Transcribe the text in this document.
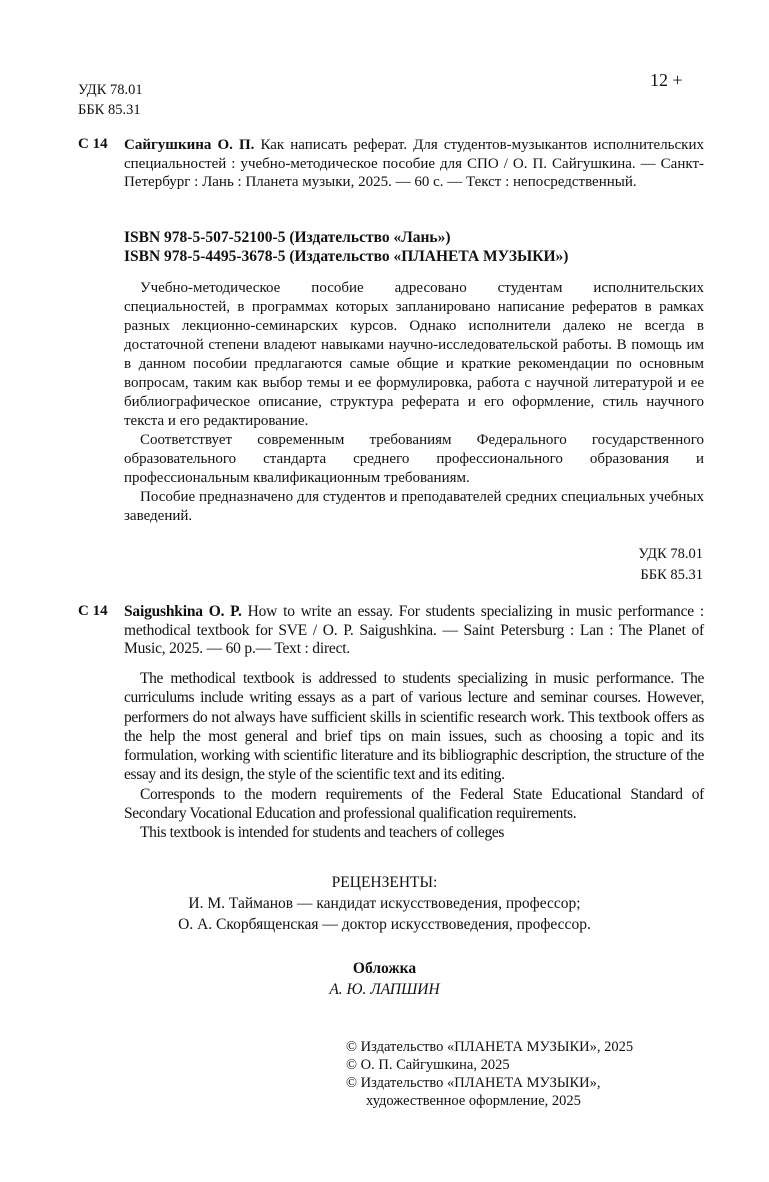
УДК 78.01
ББК 85.31
12 +
С 14 Сайгушкина О. П. Как написать реферат. Для студентов-музыкантов исполнительских специальностей : учебно-методическое пособие для СПО / О. П. Сайгушкина. — Санкт-Петербург : Лань : Планета музыки, 2025. — 60 с. — Текст : непосредственный.
ISBN 978-5-507-52100-5 (Издательство «Лань»)
ISBN 978-5-4495-3678-5 (Издательство «ПЛАНЕТА МУЗЫКИ»)

Учебно-методическое пособие адресовано студентам исполнительских специальностей, в программах которых запланировано написание рефератов в рамках разных лекционно-семинарских курсов. Однако исполнители далеко не всегда в достаточной степени владеют навыками научно-исследовательской работы. В помощь им в данном пособии предлагаются самые общие и краткие рекомендации по основным вопросам, таким как выбор темы и ее формулировка, работа с научной литературой и ее библиографическое описание, структура реферата и его оформление, стиль научного текста и его редактирование.

Соответствует современным требованиям Федерального государственного образовательного стандарта среднего профессионального образования и профессиональным квалификационным требованиям.

Пособие предназначено для студентов и преподавателей средних специальных учебных заведений.

УДК 78.01
ББК 85.31
С 14 Saigushkina O. P. How to write an essay. For students specializing in music performance : methodical textbook for SVE / O. P. Saigushkina. — Saint Petersburg : Lan : The Planet of Music, 2025. — 60 p.— Text : direct.

The methodical textbook is addressed to students specializing in music performance. The curriculums include writing essays as a part of various lecture and seminar courses. However, performers do not always have sufficient skills in scientific research work. This textbook offers as the help the most general and brief tips on main issues, such as choosing a topic and its formulation, working with scientific literature and its bibliographic description, the structure of the essay and its design, the style of the scientific text and its editing.

Corresponds to the modern requirements of the Federal State Educational Standard of Secondary Vocational Education and professional qualification requirements.

This textbook is intended for students and teachers of colleges

РЕЦЕНЗЕНТЫ:
И. М. Тайманов — кандидат искусствоведения, профессор;
О. А. Скорбященская — доктор искусствоведения, профессор.
Обложка
А. Ю. ЛАПШИН
© Издательство «ПЛАНЕТА МУЗЫКИ», 2025
© О. П. Сайгушкина, 2025
© Издательство «ПЛАНЕТА МУЗЫКИ»,
художественное оформление, 2025
